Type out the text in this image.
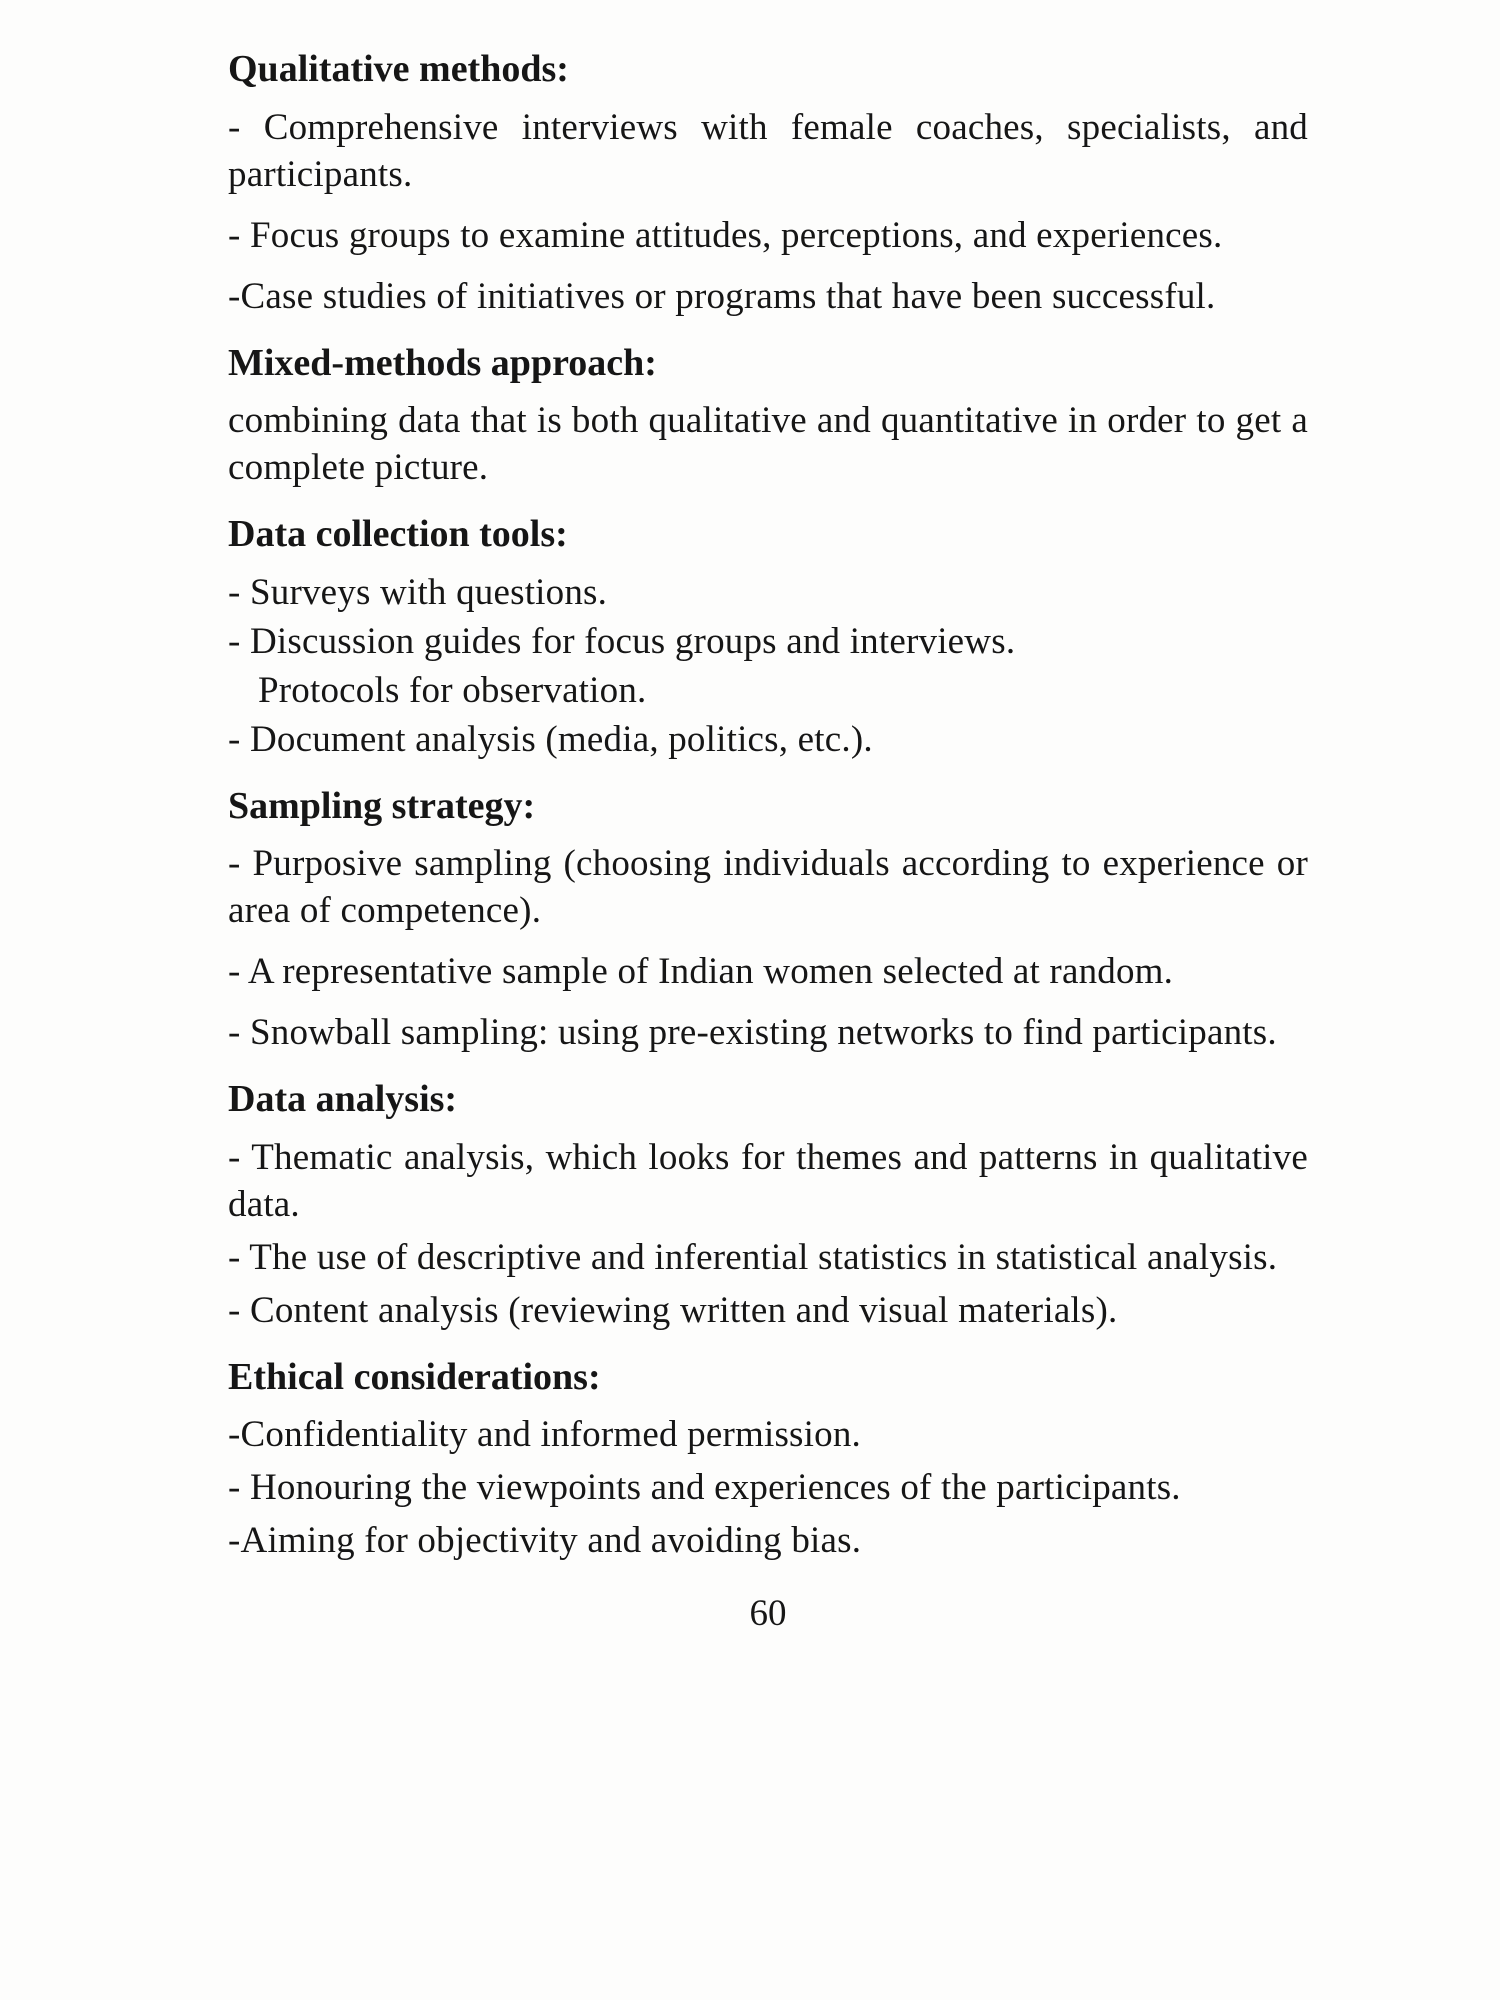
Qualitative methods:

- Comprehensive interviews with female coaches, specialists, and participants.

- Focus groups to examine attitudes, perceptions, and experiences.

-Case studies of initiatives or programs that have been successful.

Mixed-methods approach:

combining data that is both qualitative and quantitative in order to get a complete picture.

Data collection tools:

- Surveys with questions.

- Discussion guides for focus groups and interviews.

Protocols for observation.

- Document analysis (media, politics, etc.).

Sampling strategy:

- Purposive sampling (choosing individuals according to experience or area of competence).

- A representative sample of Indian women selected at random.

- Snowball sampling: using pre-existing networks to find participants.

Data analysis:

- Thematic analysis, which looks for themes and patterns in qualitative data.

- The use of descriptive and inferential statistics in statistical analysis.

- Content analysis (reviewing written and visual materials).

Ethical considerations:

-Confidentiality and informed permission.

- Honouring the viewpoints and experiences of the participants.

-Aiming for objectivity and avoiding bias.

60
